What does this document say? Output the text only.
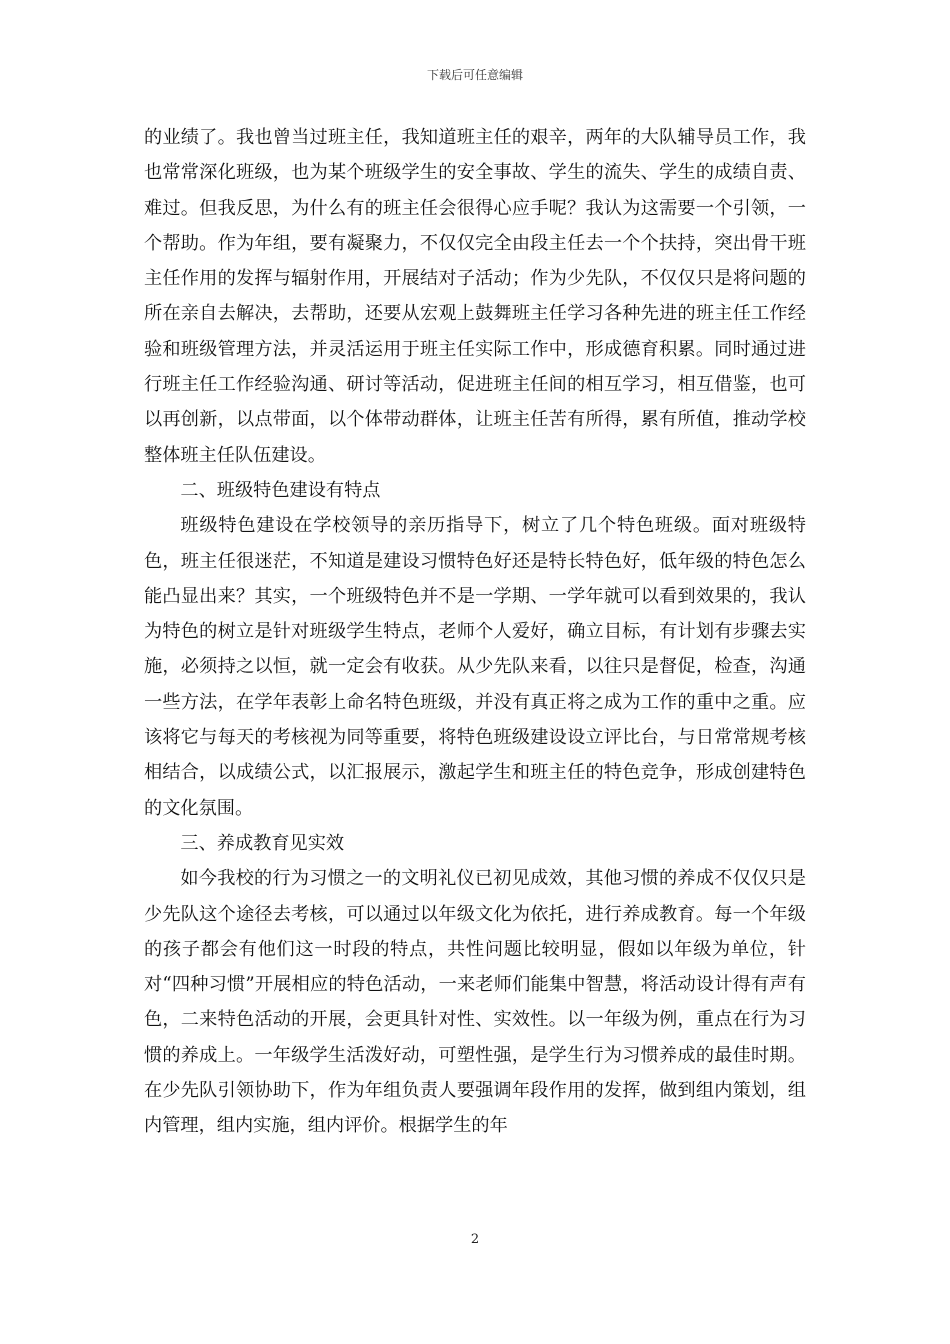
下载后可任意编辑

的业绩了。我也曾当过班主任，我知道班主任的艰辛，两年的大队辅导员工作，我也常常深化班级，也为某个班级学生的安全事故、学生的流失、学生的成绩自责、难过。但我反思，为什么有的班主任会很得心应手呢？我认为这需要一个引领，一个帮助。作为年组，要有凝聚力，不仅仅完全由段主任去一个个扶持，突出骨干班主任作用的发挥与辐射作用，开展结对子活动；作为少先队，不仅仅只是将问题的所在亲自去解决，去帮助，还要从宏观上鼓舞班主任学习各种先进的班主任工作经验和班级管理方法，并灵活运用于班主任实际工作中，形成德育积累。同时通过进行班主任工作经验沟通、研讨等活动，促进班主任间的相互学习，相互借鉴，也可以再创新，以点带面，以个体带动群体，让班主任苦有所得，累有所值，推动学校整体班主任队伍建设。

二、班级特色建设有特点

班级特色建设在学校领导的亲历指导下，树立了几个特色班级。面对班级特色，班主任很迷茫，不知道是建设习惯特色好还是特长特色好，低年级的特色怎么能凸显出来？其实，一个班级特色并不是一学期、一学年就可以看到效果的，我认为特色的树立是针对班级学生特点，老师个人爱好，确立目标，有计划有步骤去实施，必须持之以恒，就一定会有收获。从少先队来看，以往只是督促，检查，沟通一些方法，在学年表彰上命名特色班级，并没有真正将之成为工作的重中之重。应该将它与每天的考核视为同等重要，将特色班级建设设立评比台，与日常常规考核相结合，以成绩公式，以汇报展示，激起学生和班主任的特色竞争，形成创建特色的文化氛围。

三、养成教育见实效

如今我校的行为习惯之一的文明礼仪已初见成效，其他习惯的养成不仅仅只是少先队这个途径去考核，可以通过以年级文化为依托，进行养成教育。每一个年级的孩子都会有他们这一时段的特点，共性问题比较明显，假如以年级为单位，针对“四种习惯”开展相应的特色活动，一来老师们能集中智慧，将活动设计得有声有色，二来特色活动的开展，会更具针对性、实效性。以一年级为例，重点在行为习惯的养成上。一年级学生活泼好动，可塑性强，是学生行为习惯养成的最佳时期。在少先队引领协助下，作为年组负责人要强调年段作用的发挥，做到组内策划，组内管理，组内实施，组内评价。根据学生的年

2
